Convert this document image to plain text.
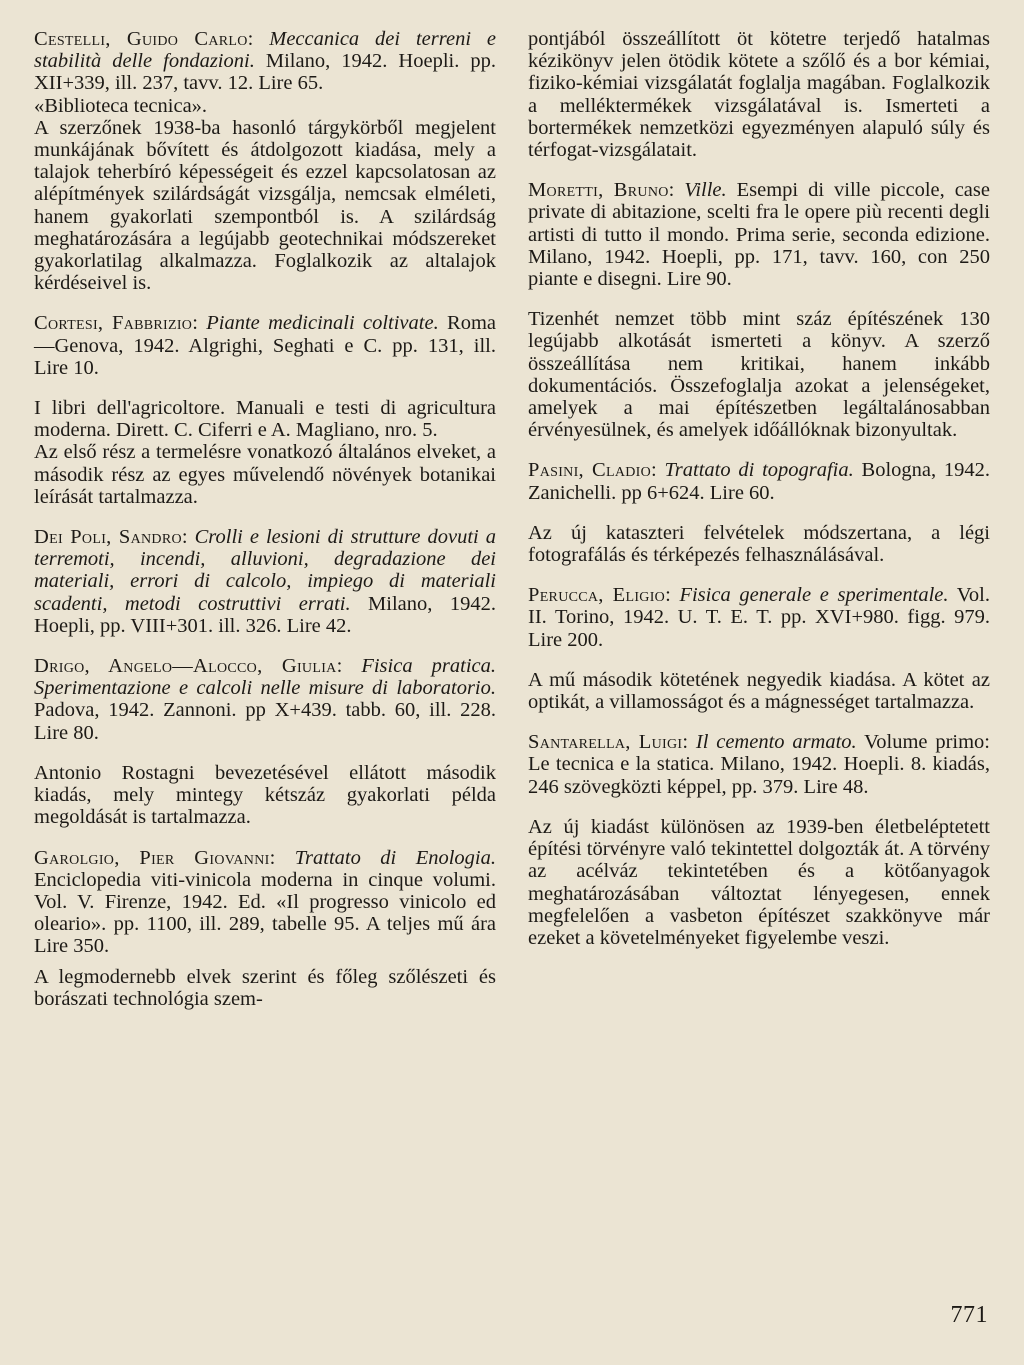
Cestelli, Guido Carlo: Meccanica dei terreni e stabilità delle fondazioni. Milano, 1942. Hoepli. pp. XII+339, ill. 237, tavv. 12. Lire 65.

«Biblioteca tecnica».

A szerzőnek 1938-ba hasonló tárgykörből megjelent munkájának bővített és átdolgozott kiadása, mely a talajok teherbíró képességeit és ezzel kapcsolatosan az alépítmények szilárdságát vizsgálja, nemcsak elméleti, hanem gyakorlati szempontból is. A szilárdság meghatározására a legújabb geotechnikai módszereket gyakorlatilag alkalmazza. Foglalkozik az altalajok kérdéseivel is.

Cortesi, Fabbrizio: Piante medicinali coltivate. Roma—Genova, 1942. Algrighi, Seghati e C. pp. 131, ill. Lire 10.

I libri dell'agricoltore. Manuali e testi di agricultura moderna. Dirett. C. Ciferri e A. Magliano, nro. 5.

Az első rész a termelésre vonatkozó általános elveket, a második rész az egyes művelendő növények botanikai leírását tartalmazza.

Dei Poli, Sandro: Crolli e lesioni di strutture dovuti a terremoti, incendi, alluvioni, degradazione dei materiali, errori di calcolo, impiego di materiali scadenti, metodi costruttivi errati. Milano, 1942. Hoepli, pp. VIII+301. ill. 326. Lire 42.

Drigo, Angelo—Alocco, Giulia: Fisica pratica. Sperimentazione e calcoli nelle misure di laboratorio. Padova, 1942. Zannoni. pp X+439. tabb. 60, ill. 228. Lire 80.

Antonio Rostagni bevezetésével ellátott második kiadás, mely mintegy kétszáz gyakorlati példa megoldását is tartalmazza.

Garolgio, Pier Giovanni: Trattato di Enologia. Enciclopedia viti-vinicola moderna in cinque volumi. Vol. V. Firenze, 1942. Ed. «Il progresso vinicolo ed oleario». pp. 1100, ill. 289, tabelle 95. A teljes mű ára Lire 350.

A legmodernebb elvek szerint és főleg szőlészeti és borászati technológia szem-

pontjából összeállított öt kötetre terjedő hatalmas kézikönyv jelen ötödik kötete a szőlő és a bor kémiai, fiziko-kémiai vizsgálatát foglalja magában. Foglalkozik a melléktermékek vizsgálatával is. Ismerteti a bortermékek nemzetközi egyezményen alapuló súly és térfogat-vizsgálatait.

Moretti, Bruno: Ville. Esempi di ville piccole, case private di abitazione, scelti fra le opere più recenti degli artisti di tutto il mondo. Prima serie, seconda edizione. Milano, 1942. Hoepli, pp. 171, tavv. 160, con 250 piante e disegni. Lire 90.

Tizenhét nemzet több mint száz építészének 130 legújabb alkotását ismerteti a könyv. A szerző összeállítása nem kritikai, hanem inkább dokumentációs. Összefoglalja azokat a jelenségeket, amelyek a mai építészetben legáltalánosabban érvényesülnek, és amelyek időállóknak bizonyultak.

Pasini, Cladio: Trattato di topografia. Bologna, 1942. Zanichelli. pp 6+624. Lire 60.

Az új kataszteri felvételek módszertana, a légi fotografálás és térképezés felhasználásával.

Perucca, Eligio: Fisica generale e sperimentale. Vol. II. Torino, 1942. U. T. E. T. pp. XVI+980. figg. 979. Lire 200.

A mű második kötetének negyedik kiadása. A kötet az optikát, a villamosságot és a mágnességet tartalmazza.

Santarella, Luigi: Il cemento armato. Volume primo: Le tecnica e la statica. Milano, 1942. Hoepli. 8. kiadás, 246 szövegközti képpel, pp. 379. Lire 48.

Az új kiadást különösen az 1939-ben életbeléptetett építési törvényre való tekintettel dolgozták át. A törvény az acélváz tekintetében és a kötőanyagok meghatározásában változtat lényegesen, ennek megfelelően a vasbeton építészet szakkönyve már ezeket a követelményeket figyelembe veszi.

771
